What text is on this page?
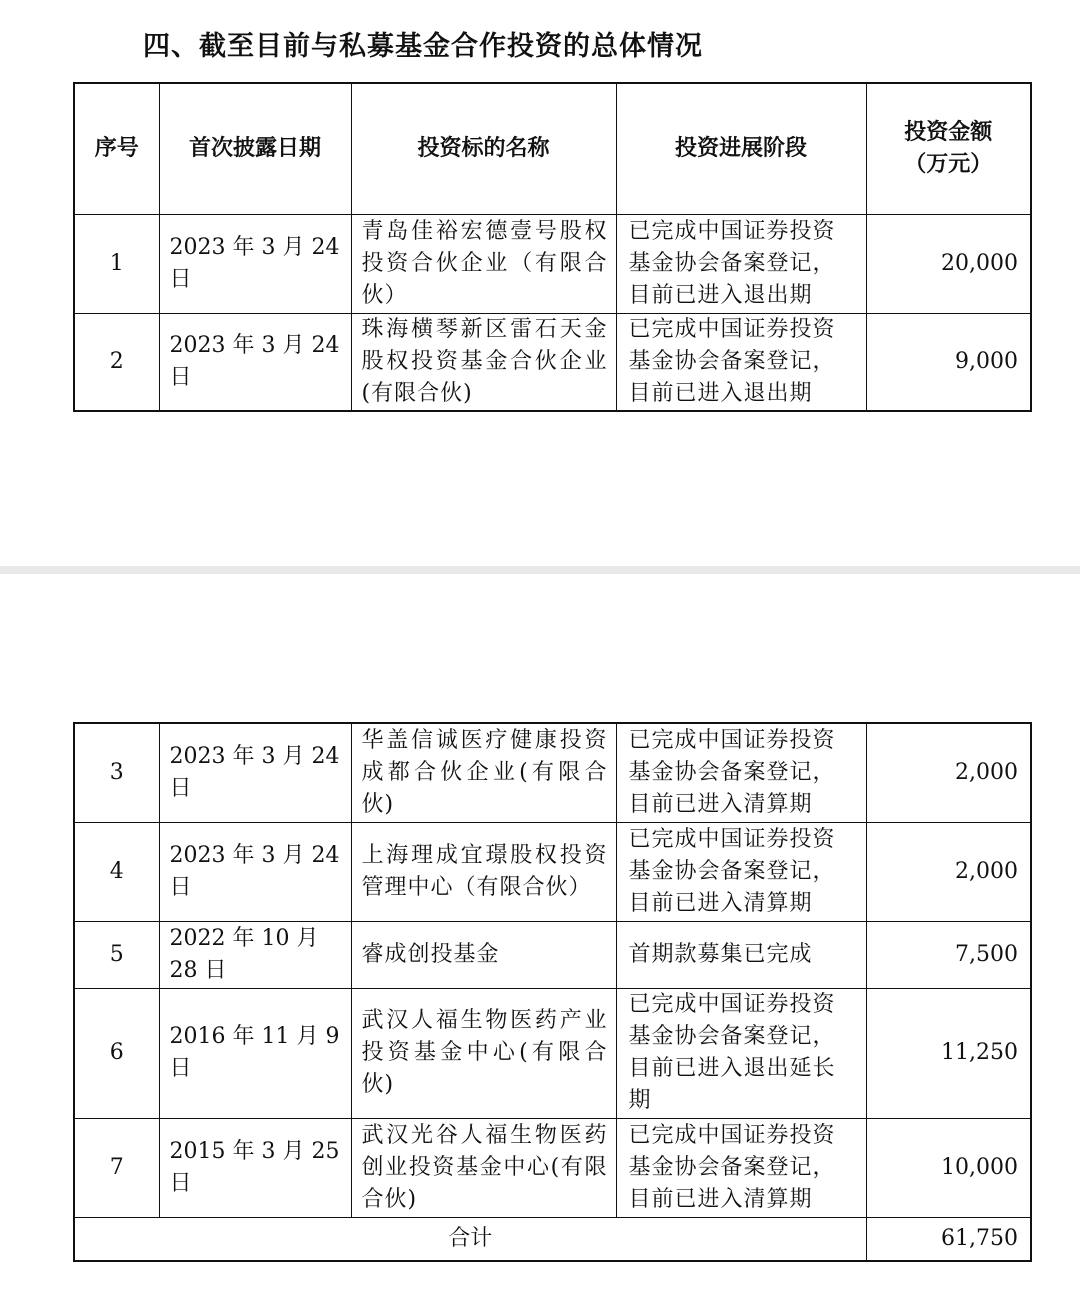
四、截至目前与私募基金合作投资的总体情况
序号	首次披露日期	投资标的名称	投资进展阶段	投资金额
（万元）

1	2023 年 3 月 24 日	青岛佳裕宏德壹号股权投资合伙企业（有限合伙）	已完成中国证券投资基金协会备案登记，目前已进入退出期	20,000
2	2023 年 3 月 24 日	珠海横琴新区雷石天金股权投资基金合伙企业(有限合伙)	已完成中国证券投资基金协会备案登记，目前已进入退出期	9,000
3	2023 年 3 月 24 日	华盖信诚医疗健康投资成都合伙企业(有限合伙)	已完成中国证券投资基金协会备案登记，目前已进入清算期	2,000
4	2023 年 3 月 24 日	上海理成宜璟股权投资管理中心（有限合伙）	已完成中国证券投资基金协会备案登记，目前已进入清算期	2,000
5	2022 年 10 月 28 日	睿成创投基金	首期款募集已完成	7,500
6	2016 年 11 月 9 日	武汉人福生物医药产业投资基金中心(有限合伙)	已完成中国证券投资基金协会备案登记，目前已进入退出延长期	11,250
7	2015 年 3 月 25 日	武汉光谷人福生物医药创业投资基金中心(有限合伙)	已完成中国证券投资基金协会备案登记，目前已进入清算期	10,000
合计				61,750
